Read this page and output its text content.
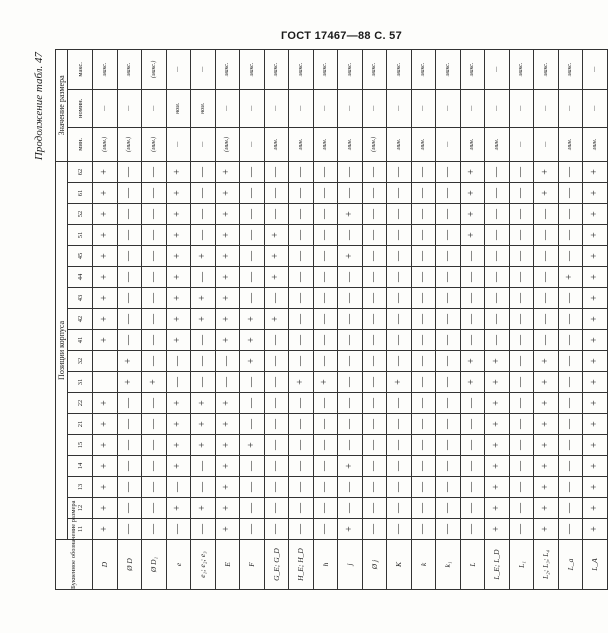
ГОСТ 17467—88 С. 57
Продолжение табл. 47
Буквенное обозначение размера	Позиции корпуса																		Значение размера		
	11	12	13	14	15	21	22	31	32	41	42	43	44	45	51	52	61	62	мин.	номин.	макс.
D	+	+	+	+	+	+	+			+	+	+	+	+	+	+	+	+	(мин.)	—	макс.
Ø D	—	—	—	—	—	—	—	+	+	—	—	—	—	—	—	—	—	—	(мин.)	—	макс.
Ø D₁	—	—	—	—	—	—	—	+	—	—	—	—	—	—	—	—	—	—	(мин.)	—	(макс.)
e	—	+	—	+	+	+	+	—	—	+	+	+	+	+	+	+	+	+	—	ном.	—
e₁; e₂; e₃	—	+	—	—	+	+	+	—	—	—	+	+	—	+	—	—	—	—	—	ном.	—
E	+	+	+	+	+	+	+	—	—	+	+	+	+	+	+	+	+	+	(мин.)	—	макс.
F	—	—	—	—	+	—	—	—	+	+	+	—	—	—	—	—	—	—	—	—	макс.
G_E; G_D	—	—	—	—	—	—	—	—	—	—	+	—	+	+	+	—	—	—	мин.	—	макс.
H_E; H_D	—	—	—	—	—	—	—	+	—	—	—	—	—	—	—	—	—	—	мин.	—	макс.
h	—	—	—	—	—	—	—	+	—	—	—	—	—	—	—	—	—	—	мин.	—	макс.
j	+	—	—	+	—	—	—	—	—	—	—	—	—	+	—	+	—	—	мин.	—	макс.
Ø j	—	—	—	—	—	—	—	—	—	—	—	—	—	—	—	—	—	—	(мин.)	—	макс.
K	—	—	—	—	—	—	—	+	—	—	—	—	—	—	—	—	—	—	мин.	—	макс.
k	—	—	—	—	—	—	—	—	—	—	—	—	—	—	—	—	—	—	мин.	—	макс.
k₁	—	—	—	—	—	—	—	—	—	—	—	—	—	—	—	—	—	—	—	—	макс.
L	—	—	—	—	—	—	—	+	+	—	—	—	—	—	+	+	+	+	мин.	—	макс.
L_E; L_D	+	+	+	+	+	+	+	+	+	—	—	—	—	—	—	—	—	—	мин.	—	—
L₁	—	—	—	—	—	—	—	—	—	—	—	—	—	—	—	—	—	—	—	—	макс.
L₂; L₃; L₄	+	+	+	+	+	+	+	+	+	—	—	—	—	—	—	—	+	+	—	—	макс.
L_a	—	—	—	—	—	—	—	—	—	—	—	—	+	—	—	—	—	—	мин.	—	макс.
L_A	+	+	+	+	+	+	+	+	+	+	+	+	+	+	+	+	+	+	мин.	—	—
